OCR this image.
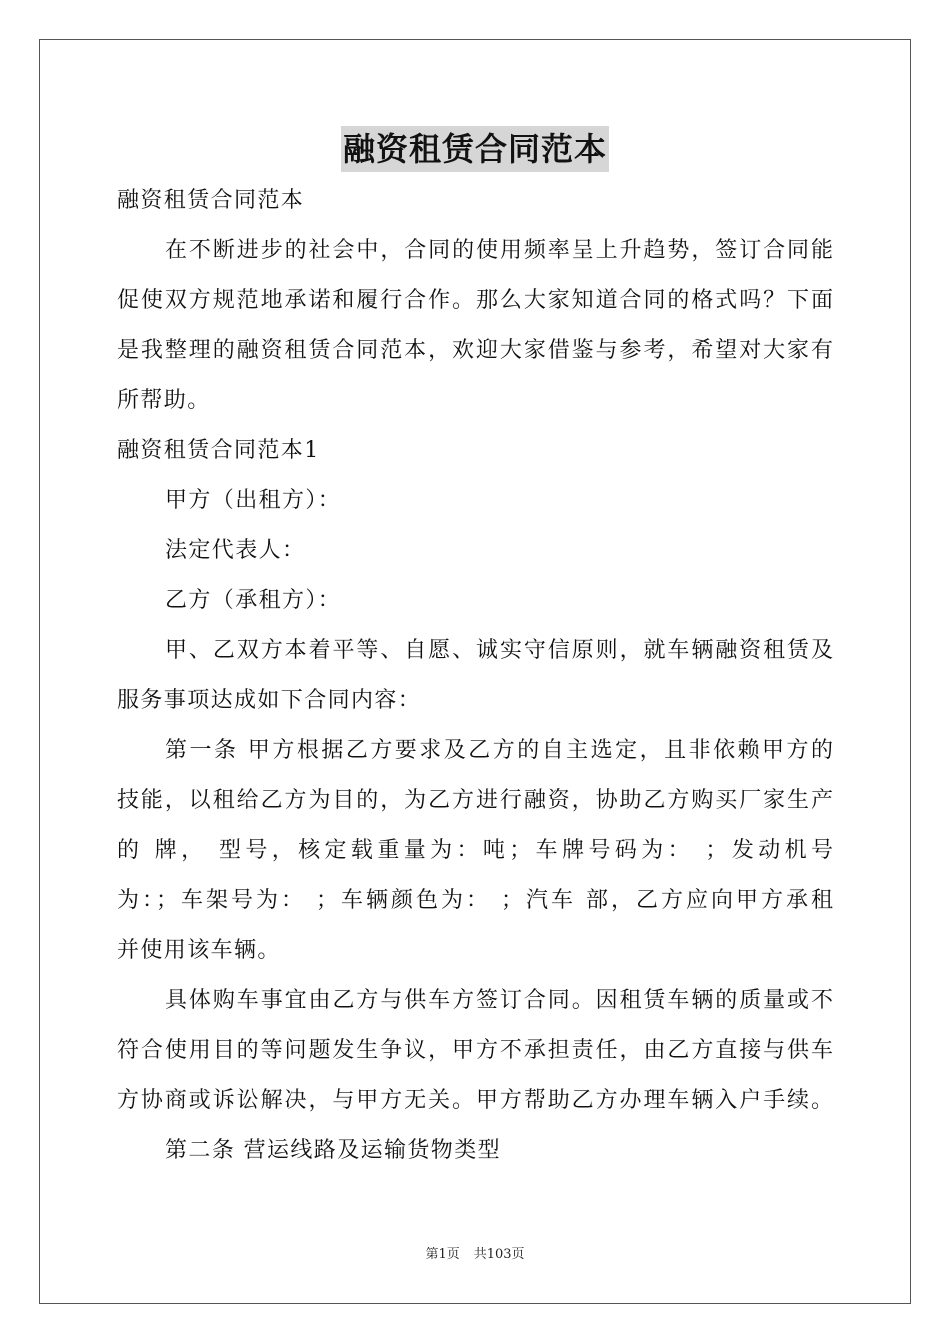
融资租赁合同范本
融资租赁合同范本
在不断进步的社会中，合同的使用频率呈上升趋势，签订合同能
促使双方规范地承诺和履行合作。那么大家知道合同的格式吗？下面
是我整理的融资租赁合同范本，欢迎大家借鉴与参考，希望对大家有
所帮助。
融资租赁合同范本1
甲方（出租方）：
法定代表人：
乙方（承租方）：
甲、乙双方本着平等、自愿、诚实守信原则，就车辆融资租赁及
服务事项达成如下合同内容：
第一条 甲方根据乙方要求及乙方的自主选定，且非依赖甲方的
技能，以租给乙方为目的，为乙方进行融资，协助乙方购买厂家生产
的 牌， 型号，核定载重量为：吨；车牌号码为： ；发动机号
为：；车架号为： ；车辆颜色为： ；汽车 部，乙方应向甲方承租
并使用该车辆。
具体购车事宜由乙方与供车方签订合同。因租赁车辆的质量或不
符合使用目的等问题发生争议，甲方不承担责任，由乙方直接与供车
方协商或诉讼解决，与甲方无关。甲方帮助乙方办理车辆入户手续。
第二条 营运线路及运输货物类型
第1页 共103页
